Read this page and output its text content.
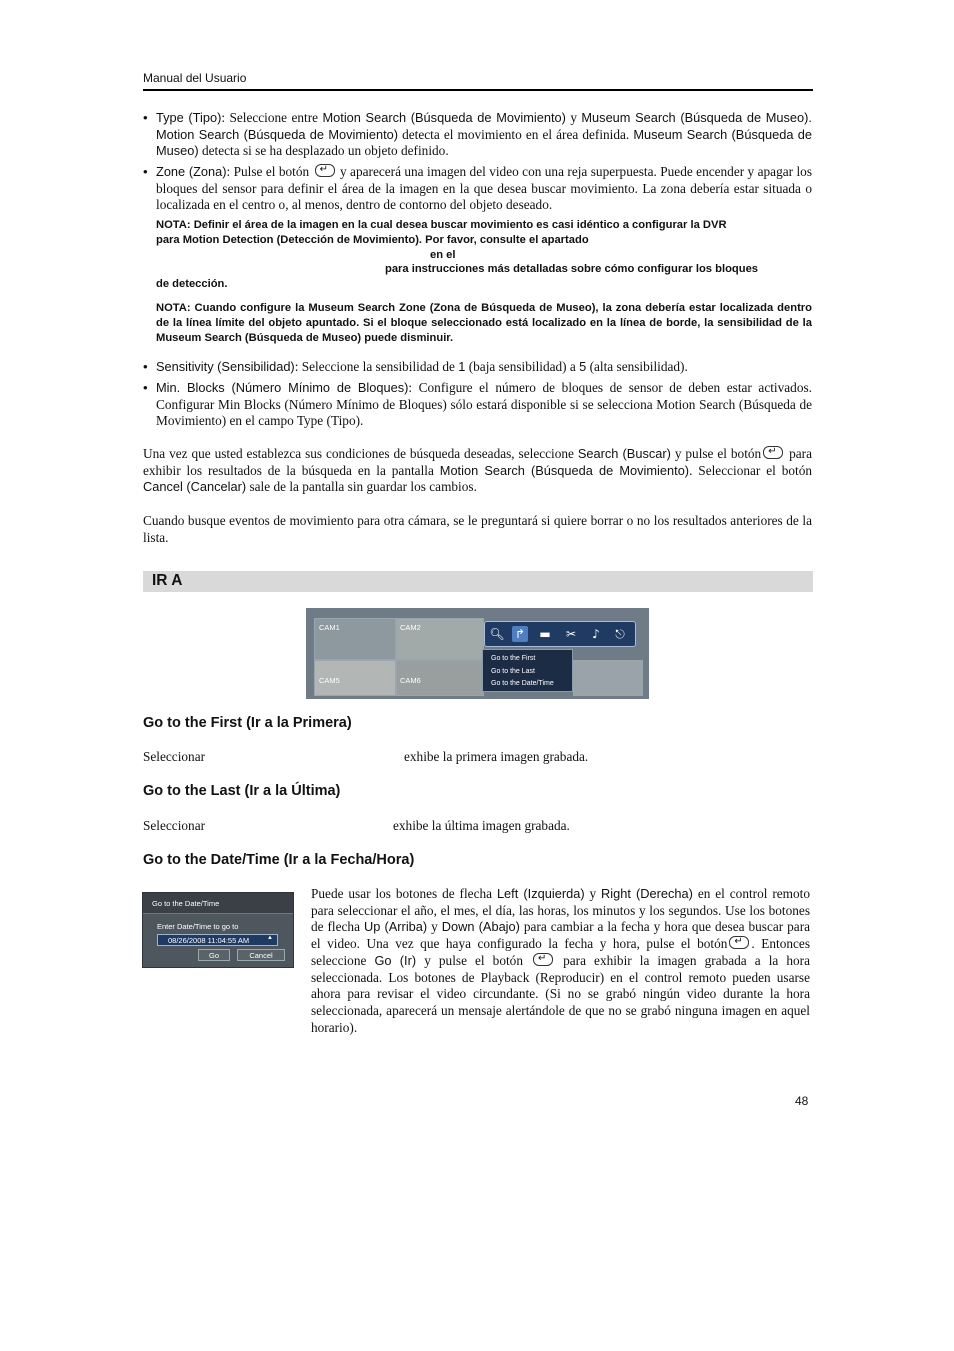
Manual del Usuario
• Type (Tipo): Seleccione entre Motion Search (Búsqueda de Movimiento) y Museum Search (Búsqueda de Museo). Motion Search (Búsqueda de Movimiento) detecta el movimiento en el área definida. Museum Search (Búsqueda de Museo) detecta si se ha desplazado un objeto definido.
• Zone (Zona): Pulse el botón ↵ y aparecerá una imagen del video con una reja superpuesta. Puede encender y apagar los bloques del sensor para definir el área de la imagen en la que desea buscar movimiento. La zona debería estar situada o localizada en el centro o, al menos, dentro de contorno del objeto deseado.
NOTA: Definir el área de la imagen en la cual desea buscar movimiento es casi idéntico a configurar la DVR
para Motion Detection (Detección de Movimiento). Por favor, consulte el apartado
en el
para instrucciones más detalladas sobre cómo configurar los bloques
de detección.
NOTA: Cuando configure la Museum Search Zone (Zona de Búsqueda de Museo), la zona debería estar localizada dentro de la línea límite del objeto apuntado. Si el bloque seleccionado está localizado en la línea de borde, la sensibilidad de la Museum Search (Búsqueda de Museo) puede disminuir.
• Sensitivity (Sensibilidad): Seleccione la sensibilidad de 1 (baja sensibilidad) a 5 (alta sensibilidad).
• Min. Blocks (Número Mínimo de Bloques): Configure el número de bloques de sensor de deben estar activados. Configurar Min Blocks (Número Mínimo de Bloques) sólo estará disponible si se selecciona Motion Search (Búsqueda de Movimiento) en el campo Type (Tipo).
Una vez que usted establezca sus condiciones de búsqueda deseadas, seleccione Search (Buscar) y pulse el botón↵ para exhibir los resultados de la búsqueda en la pantalla Motion Search (Búsqueda de Movimiento). Seleccionar el botón Cancel (Cancelar) sale de la pantalla sin guardar los cambios.
Cuando busque eventos de movimiento para otra cámara, se le preguntará si quiere borrar o no los resultados anteriores de la lista.
IR A
CAM1	CAM2
CAM5	CAM6
🔍︎ ↱ ▬ ✂	♪	⎋
Go to the First
Go to the Last
Go to the Date/Time
Go to the First (Ir a la Primera)
Seleccionar	exhibe la primera imagen grabada.
Go to the Last (Ir a la Última)
Seleccionar	exhibe la última imagen grabada.
Go to the Date/Time (Ir a la Fecha/Hora)
Go to the Date/Time
Enter Date/Time to go to
08/26/2008 11:04:55 AM	▲
Go	Cancel
Puede usar los botones de flecha Left (Izquierda) y Right (Derecha) en el control remoto para seleccionar el año, el mes, el día, las horas, los minutos y los segundos. Use los botones de flecha Up (Arriba) y Down (Abajo) para cambiar a la fecha y hora que desea buscar para el video. Una vez que haya configurado la fecha y hora, pulse el botón↵ . Entonces seleccione Go (Ir) y pulse el botón ↵ para exhibir la imagen grabada a la hora seleccionada. Los botones de Playback (Reproducir) en el control remoto pueden usarse ahora para revisar el video circundante. (Si no se grabó ningún video durante la hora seleccionada, aparecerá un mensaje alertándole de que no se grabó ninguna imagen en aquel horario).
48
